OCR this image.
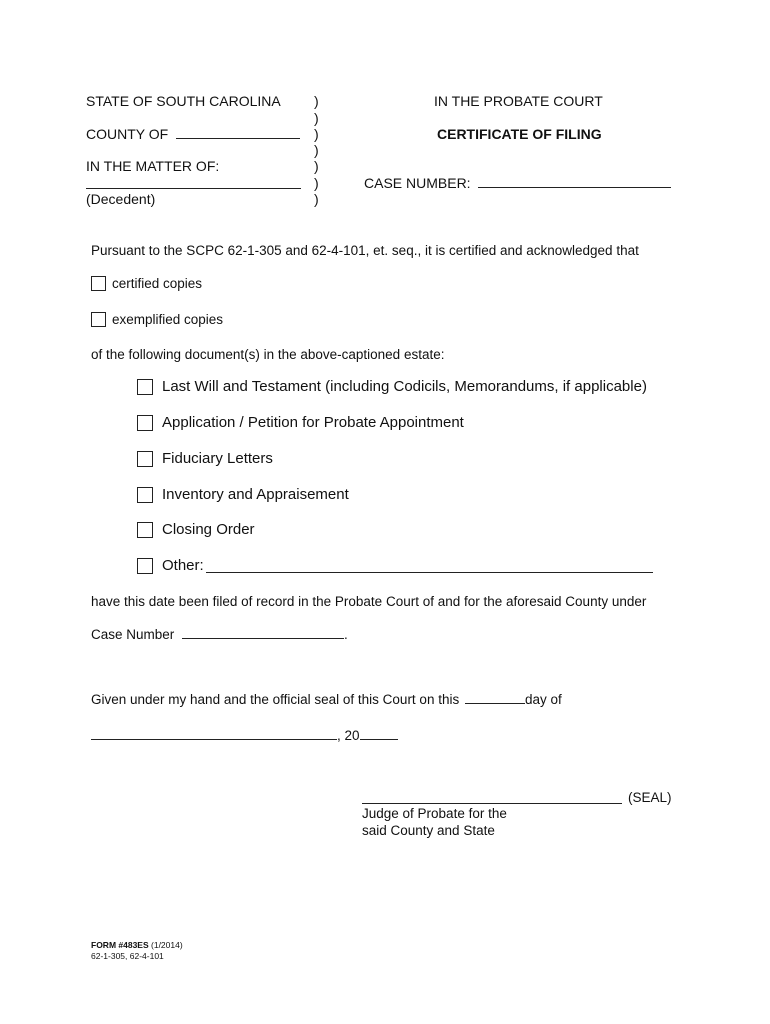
STATE OF SOUTH CAROLINA
COUNTY OF
IN THE MATTER OF:
(Decedent)
)
)
)
)
)
)
)
IN THE PROBATE COURT
CERTIFICATE OF FILING
CASE NUMBER:
Pursuant to the SCPC 62-1-305 and 62-4-101, et. seq., it is certified and acknowledged that
certified copies
exemplified copies
of the following document(s) in the above-captioned estate:
Last Will and Testament (including Codicils, Memorandums, if applicable)
Application / Petition for Probate Appointment
Fiduciary Letters
Inventory and Appraisement
Closing Order
Other:
have this date been filed of record in the Probate Court of and for the aforesaid County under
Case Number	.
Given under my hand and the official seal of this Court on this	day of
, 20
(SEAL)
Judge of Probate for the
said County and State
FORM #483ES (1/2014)
62-1-305, 62-4-101
